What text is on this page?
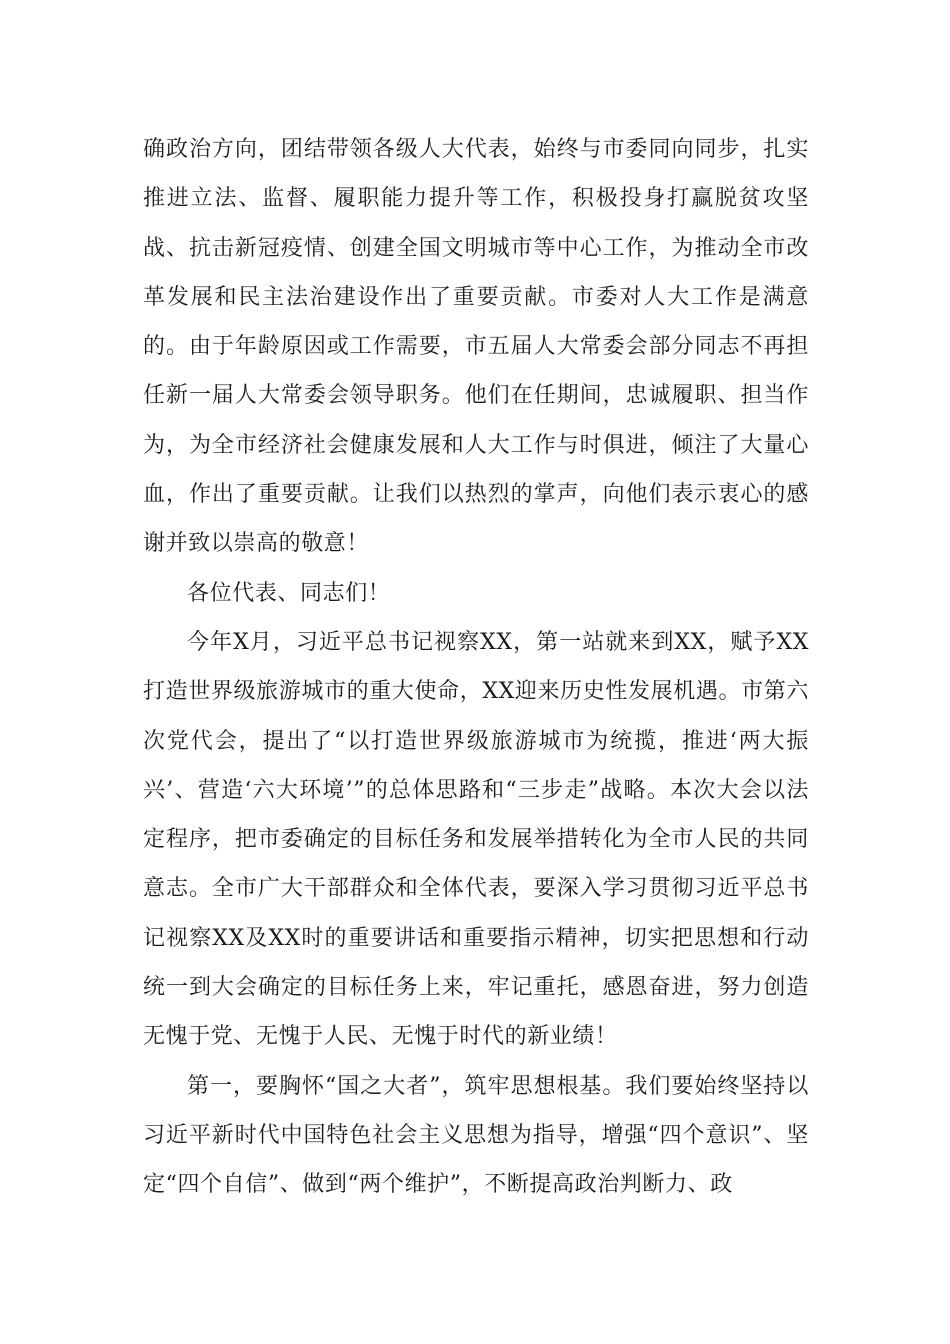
确政治方向，团结带领各级人大代表，始终与市委同向同步，扎实推进立法、监督、履职能力提升等工作，积极投身打赢脱贫攻坚战、抗击新冠疫情、创建全国文明城市等中心工作，为推动全市改革发展和民主法治建设作出了重要贡献。市委对人大工作是满意的。由于年龄原因或工作需要，市五届人大常委会部分同志不再担任新一届人大常委会领导职务。他们在任期间，忠诚履职、担当作为，为全市经济社会健康发展和人大工作与时俱进，倾注了大量心血，作出了重要贡献。让我们以热烈的掌声，向他们表示衷心的感谢并致以崇高的敬意！

各位代表、同志们！

今年X月，习近平总书记视察XX，第一站就来到XX，赋予XX打造世界级旅游城市的重大使命，XX迎来历史性发展机遇。市第六次党代会，提出了“以打造世界级旅游城市为统揽，推进‘两大振兴’、营造‘六大环境’”的总体思路和“三步走”战略。本次大会以法定程序，把市委确定的目标任务和发展举措转化为全市人民的共同意志。全市广大干部群众和全体代表，要深入学习贯彻习近平总书记视察XX及XX时的重要讲话和重要指示精神，切实把思想和行动统一到大会确定的目标任务上来，牢记重托，感恩奋进，努力创造无愧于党、无愧于人民、无愧于时代的新业绩！

第一，要胸怀“国之大者”，筑牢思想根基。我们要始终坚持以习近平新时代中国特色社会主义思想为指导，增强“四个意识”、坚定“四个自信”、做到“两个维护”，不断提高政治判断力、政
